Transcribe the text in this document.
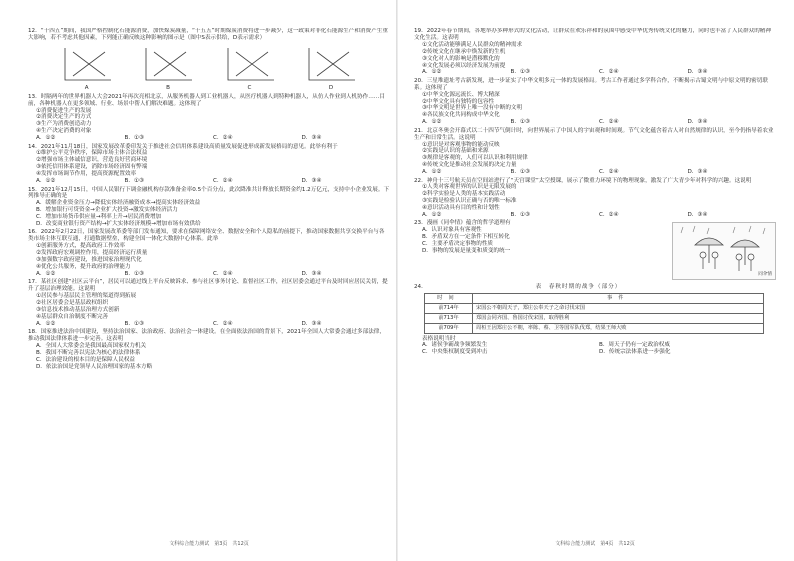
12．“十四五”期间，我国严格控制化石能源消费，加快煤炭减量，“十五五”时期煤炭消费将进一步减少，这一政策对非化石能源生产和消费产生重大影响，若不考虑其他因素，下列能正确反映这种影响的图示是（图中S表示供给，D表示需求）
A	B	C	D
13．时隔两年的世界机器人大会2021年再次亮相北京，从服务机器人到工业机器人，从医疗机器人到特种机器人，从仿人作业到人机协作……目前，各种机器人在更多领域、行业、场景中帮人们解决难题。这体现了
①消费促进生产的发展
②消费决定生产的方式
③生产为消费创造动力
④生产决定消费的对象
A．①②	B．①③	C．②④	D．③④
14．2021年11月18日，国家发展改革委印发关于推进社会信用体系建设高质量发展促进形成新发展格局的意见。此举有利于
①维护公平竞争秩序，保障市场主体合法权益
②增强市场主体诚信意识，营造良好营商环境
③依托信用体系建设，消除市场经济固有弊端
④发挥市场调节作用，提高资源配置效率
A．①②	B．①③	C．②④	D．③④
15．2021年12月15日，中国人民银行下调金融机构存款准备金率0.5个百分点，此次降准共计释放长期资金约1.2万亿元，支持中小企业发展。下列推导正确的是
A．缓解企业资金压力→降低实体经济融资成本→提高实体经济效益
B．增加银行可贷资金→企业扩大投资→激发实体经济活力
C．增加市场货币供应量→利率上升→居民消费增加
D．改变商业银行资产结构→扩大实体经济规模→增加市场有效供给
16．2022年2月22日，国家发展改革委等部门发布通知，要求在保障网络安全、数据安全和个人隐私的前提下，推动国家数据共享交换平台与各类市场主体互联互通，打通数据壁垒，构建全国一体化大数据中心体系。此举
①创新服务方式，提高政府工作效率
②发挥政府宏观调控作用，提高经济运行质量
③加强数字政府建设，推进国家治理现代化
④优化公共服务，提升政府的治理能力
A．①②	B．①③	C．②④	D．③④
17．某社区创建“社区云平台”，居民可以通过线上平台反映诉求、参与社区事务讨论、监督社区工作，社区居委会通过平台及时回应居民关切，提升了基层治理效能。这说明
①居民参与基层民主管理的渠道得到拓展
②社区居委会是基层政权组织
③信息技术推动基层治理方式创新
④基层群众自治制度不断完善
A．①②	B．①③	C．②④	D．③④
18．国家推进法治中国建设，坚持法治国家、法治政府、法治社会一体建设。在全面依法治国的背景下，2021年全国人大常委会通过多部法律，推动我国法律体系进一步完善。这表明
A．全国人大常委会是我国最高国家权力机关
B．我国不断完善以宪法为核心的法律体系
C．法治建设的根本目的是保障人民权益
D．依法治国是党领导人民治理国家的基本方略
文科综合能力测试　第3页　共12页
19．2022年春节期间，各地举办多种形式的文化活动，让群众在欢乐祥和的氛围中感受中华优秀传统文化的魅力，同时也丰富了人民群众的精神文化生活。这表明
①文化活动能够满足人民群众的精神需求
②传统文化在继承中焕发新的生机
③文化对人的影响是潜移默化的
④文化发展必须以经济发展为前提
A．①②	B．①③	C．②④	D．③④
20．三星堆遗址考古新发现，进一步证实了中华文明多元一体的发展格局。考古工作者通过多学科合作，不断揭示古蜀文明与中原文明的密切联系。这体现了
①中华文化源远流长、博大精深
②中华文化具有独特的包容性
③中华文明是世界上唯一没有中断的文明
④各民族文化共同构成中华文化
A．①②	B．①③	C．②④	D．③④
21．北京冬奥会开幕式以二十四节气倒计时，向世界展示了中国人的宇宙观和时间观。节气文化蕴含着古人对自然规律的认识，至今仍指导着农业生产和日常生活。这说明
①意识是对客观事物的能动反映
②实践是认识的基础和来源
③规律是客观的，人们可以认识和利用规律
④传统文化是推动社会发展的决定力量
A．①②	B．①③	C．②④	D．③④
22．神舟十三号航天员在空间站进行了“天宫课堂”太空授课，展示了微重力环境下的物理现象，激发了广大青少年对科学的兴趣。这说明
①人类对客观世界的认识是无限发展的
②科学实验是人类的基本实践活动
③实践是检验认识正确与否的唯一标准
④意识活动具有目的性和计划性
A．①②	B．①③	C．②④	D．③④
同伞情
23．漫画《同伞情》蕴含的哲学道理有
A．认识对象具有客观性
B．矛盾双方在一定条件下相互转化
C．主要矛盾决定事物的性质
D．事物的发展是量变和质变的统一
24．	表　春秋时期的战争（部分）
时间	事件
前714年	宋国公不朝周天子，郑庄公奉天子之命讨伐宋国
前713年	郑国会同齐国、鲁国讨伐宋国，取得胜利
前709年	周桓王因郑庄公不朝，率陈、蔡、卫等国军队伐郑，结果王师大败
表格说明当时
A．诸侯争霸战争频繁发生	B．周天子仍有一定政治权威
C．中央集权制度受到冲击	D．传统宗法体系进一步强化
文科综合能力测试　第4页　共12页
